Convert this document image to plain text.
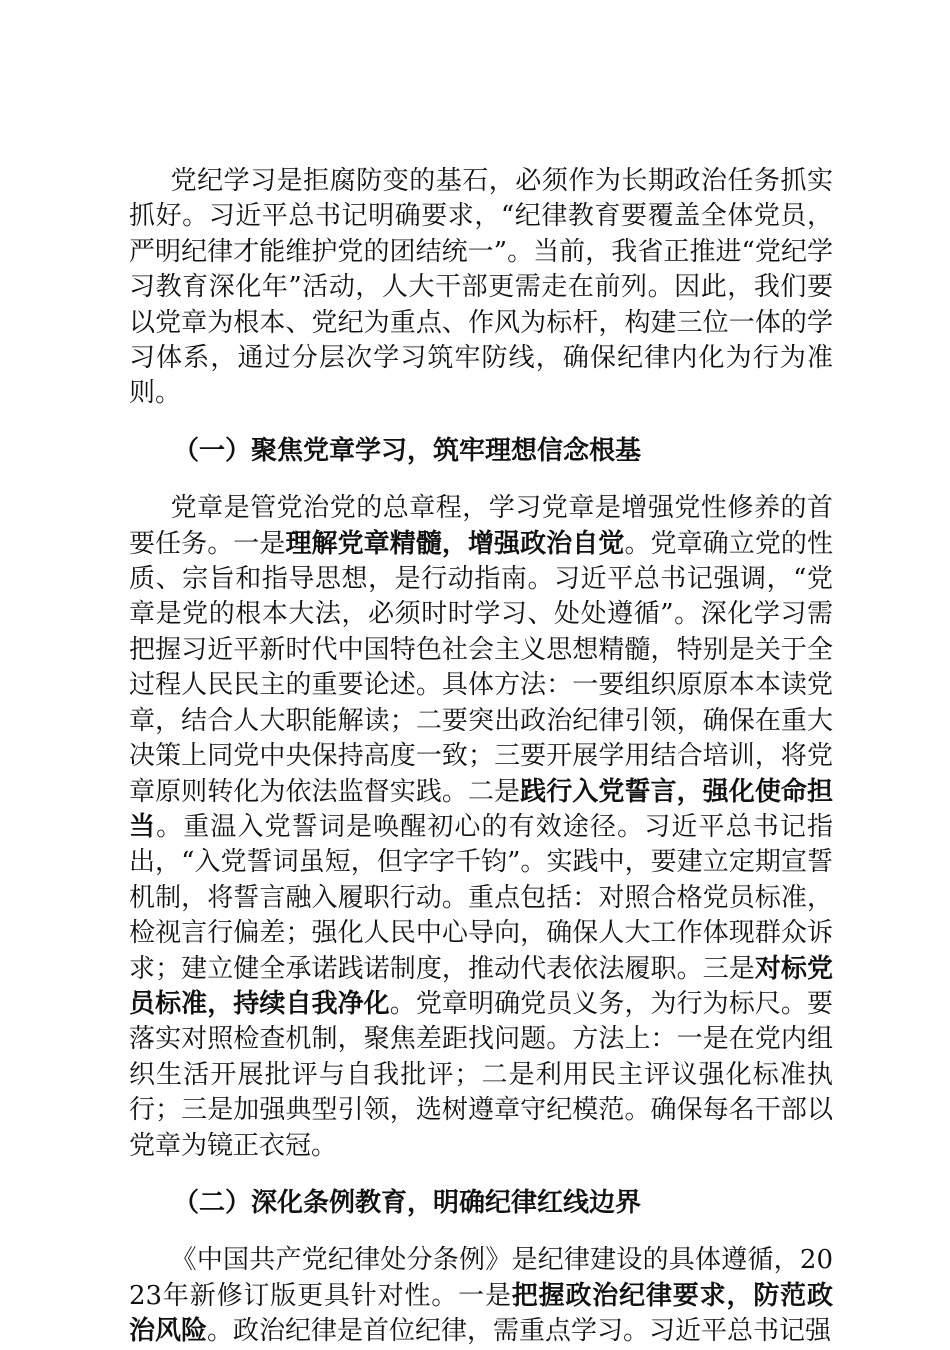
党纪学习是拒腐防变的基石，必须作为长期政治任务抓实抓好。习近平总书记明确要求，“纪律教育要覆盖全体党员，严明纪律才能维护党的团结统一”。当前，我省正推进“党纪学习教育深化年”活动，人大干部更需走在前列。因此，我们要以党章为根本、党纪为重点、作风为标杆，构建三位一体的学习体系，通过分层次学习筑牢防线，确保纪律内化为行为准则。

（一）聚焦党章学习，筑牢理想信念根基

党章是管党治党的总章程，学习党章是增强党性修养的首要任务。一是理解党章精髓，增强政治自觉。党章确立党的性质、宗旨和指导思想，是行动指南。习近平总书记强调，“党章是党的根本大法，必须时时学习、处处遵循”。深化学习需把握习近平新时代中国特色社会主义思想精髓，特别是关于全过程人民民主的重要论述。具体方法：一要组织原原本本读党章，结合人大职能解读；二要突出政治纪律引领，确保在重大决策上同党中央保持高度一致；三要开展学用结合培训，将党章原则转化为依法监督实践。二是践行入党誓言，强化使命担当。重温入党誓词是唤醒初心的有效途径。习近平总书记指出，“入党誓词虽短，但字字千钧”。实践中，要建立定期宣誓机制，将誓言融入履职行动。重点包括：对照合格党员标准，检视言行偏差；强化人民中心导向，确保人大工作体现群众诉求；建立健全承诺践诺制度，推动代表依法履职。三是对标党员标准，持续自我净化。党章明确党员义务，为行为标尺。要落实对照检查机制，聚焦差距找问题。方法上：一是在党内组织生活开展批评与自我批评；二是利用民主评议强化标准执行；三是加强典型引领，选树遵章守纪模范。确保每名干部以党章为镜正衣冠。

（二）深化条例教育，明确纪律红线边界

《中国共产党纪律处分条例》是纪律建设的具体遵循，2023年新修订版更具针对性。一是把握政治纪律要求，防范政治风险。政治纪律是首位纪律，需重点学习。习近平总书记强
